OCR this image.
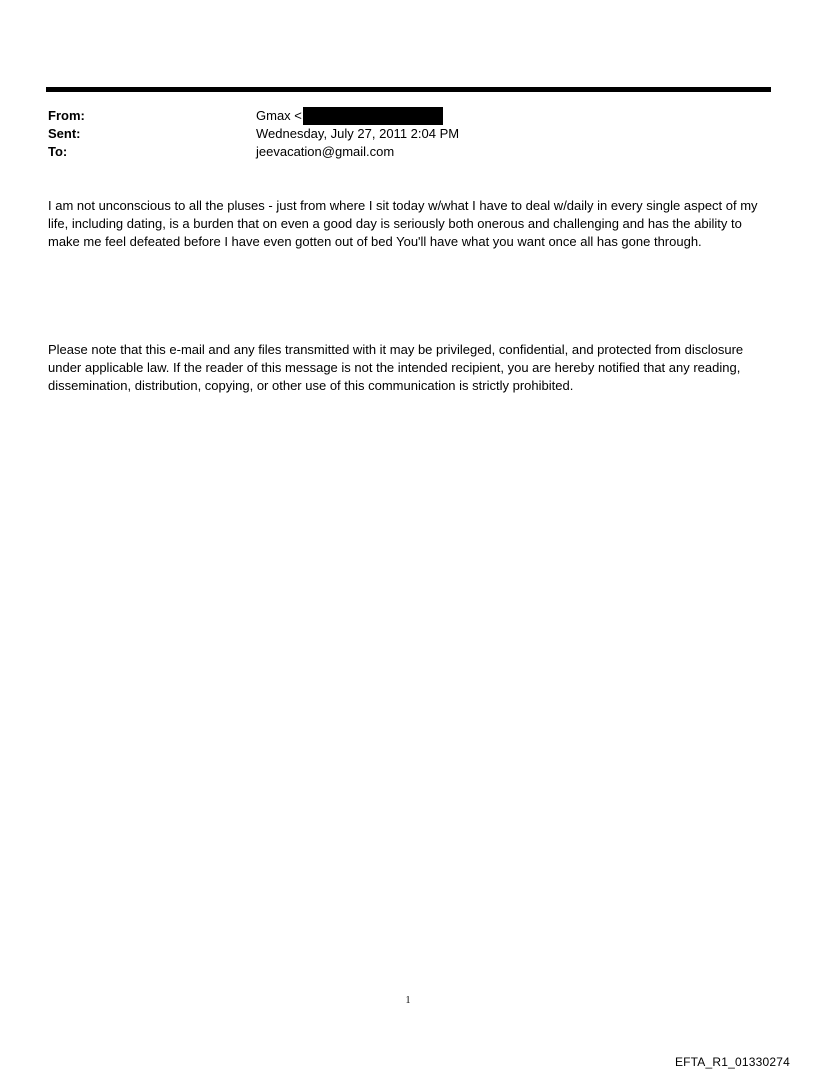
From:	Gmax <
Sent:	Wednesday, July 27, 2011 2:04 PM
To:	jeevacation@gmail.com
I am not unconscious to all the pluses - just from where I sit today w/what I have to deal w/daily in every single aspect of my life, including dating, is a burden that on even a good day is seriously both onerous and challenging and has the ability to make me feel defeated before I have even gotten out of bed You'll have what you want once all has gone through.
Please note that this e-mail and any files transmitted with it may be privileged, confidential, and protected from disclosure under applicable law. If the reader of this message is not the intended recipient, you are hereby notified that any reading, dissemination, distribution, copying, or other use of this communication is strictly prohibited.
1
EFTA_R1_01330274
